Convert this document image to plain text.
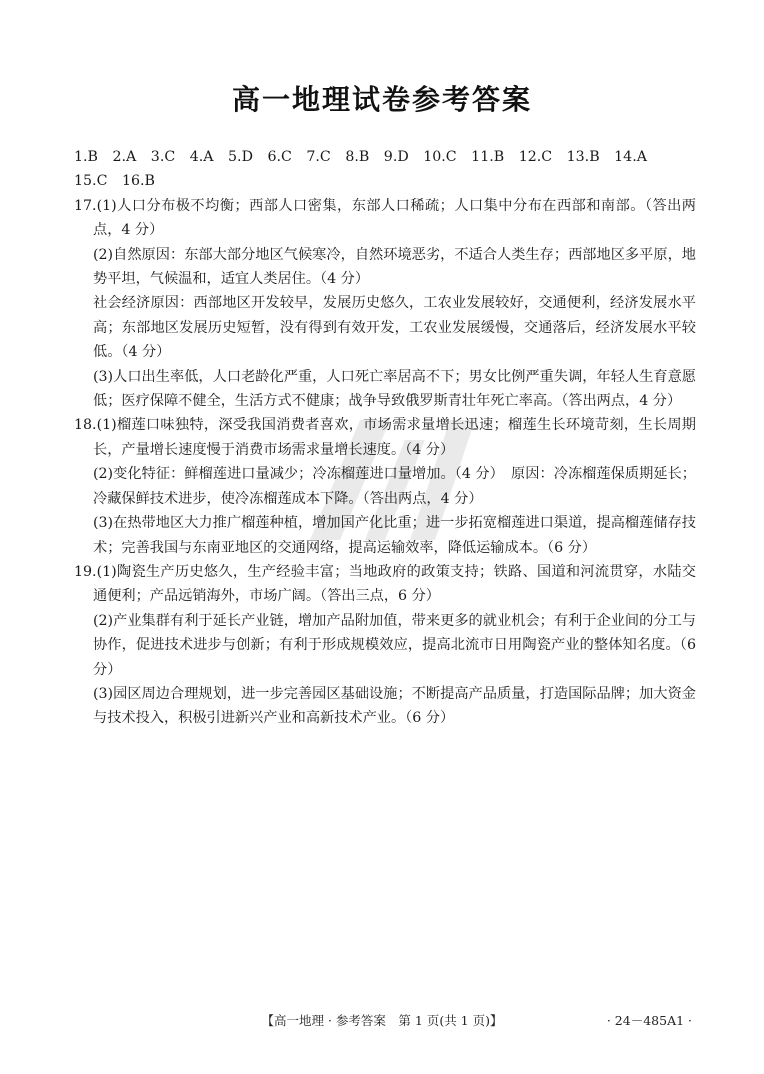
高一地理试卷参考答案
1.B 2.A 3.C 4.A 5.D 6.C 7.C 8.B 9.D 10.C 11.B 12.C 13.B 14.A
15.C 16.B
17.(1)人口分布极不均衡；西部人口密集，东部人口稀疏；人口集中分布在西部和南部。（答出两点，4 分）
(2)自然原因：东部大部分地区气候寒冷，自然环境恶劣，不适合人类生存；西部地区多平原，地势平坦，气候温和，适宜人类居住。（4 分）
社会经济原因：西部地区开发较早，发展历史悠久，工农业发展较好，交通便利，经济发展水平高；东部地区发展历史短暂，没有得到有效开发，工农业发展缓慢，交通落后，经济发展水平较低。（4 分）
(3)人口出生率低，人口老龄化严重，人口死亡率居高不下；男女比例严重失调，年轻人生育意愿低；医疗保障不健全，生活方式不健康；战争导致俄罗斯青壮年死亡率高。（答出两点，4 分）
18.(1)榴莲口味独特，深受我国消费者喜欢，市场需求量增长迅速；榴莲生长环境苛刻，生长周期长，产量增长速度慢于消费市场需求量增长速度。（4 分）
(2)变化特征：鲜榴莲进口量减少；冷冻榴莲进口量增加。（4 分）　原因：冷冻榴莲保质期延长；冷藏保鲜技术进步，使冷冻榴莲成本下降。（答出两点，4 分）
(3)在热带地区大力推广榴莲种植，增加国产化比重；进一步拓宽榴莲进口渠道，提高榴莲储存技术；完善我国与东南亚地区的交通网络，提高运输效率，降低运输成本。（6 分）
19.(1)陶瓷生产历史悠久，生产经验丰富；当地政府的政策支持；铁路、国道和河流贯穿，水陆交通便利；产品远销海外，市场广阔。（答出三点，6 分）
(2)产业集群有利于延长产业链，增加产品附加值，带来更多的就业机会；有利于企业间的分工与协作，促进技术进步与创新；有利于形成规模效应，提高北流市日用陶瓷产业的整体知名度。（6 分）
(3)园区周边合理规划，进一步完善园区基础设施；不断提高产品质量，打造国际品牌；加大资金与技术投入，积极引进新兴产业和高新技术产业。（6 分）
【高一地理 · 参考答案　第 1 页(共 1 页)】	· 24－485A1 ·
